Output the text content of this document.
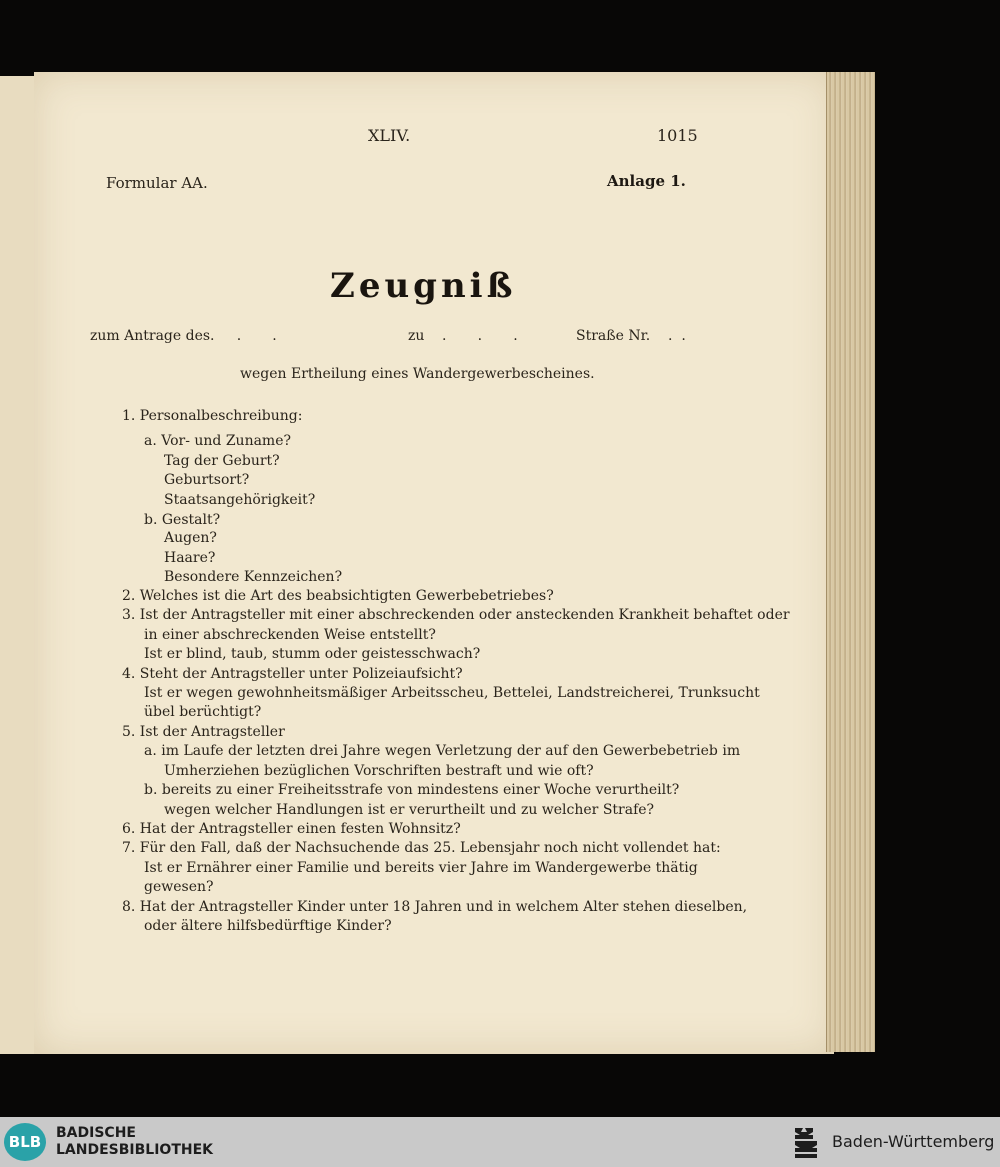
XLIV.	1015
Formular AA.	Anlage 1.
Zeugniß
zum Antrage des .     .       .	zu .       .       .	Straße Nr. .  .
wegen Ertheilung eines Wandergewerbescheines.
1. Personalbeschreibung:
a. Vor- und Zuname?
Tag der Geburt?
Geburtsort?
Staatsangehörigkeit?
b. Gestalt?
Augen?
Haare?
Besondere Kennzeichen?
2. Welches ist die Art des beabsichtigten Gewerbebetriebes?
3. Ist der Antragsteller mit einer abschreckenden oder ansteckenden Krankheit behaftet oder
in einer abschreckenden Weise entstellt?
Ist er blind, taub, stumm oder geistesschwach?
4. Steht der Antragsteller unter Polizeiaufsicht?
Ist er wegen gewohnheitsmäßiger Arbeitsscheu, Bettelei, Landstreicherei, Trunksucht
übel berüchtigt?
5. Ist der Antragsteller
a. im Laufe der letzten drei Jahre wegen Verletzung der auf den Gewerbebetrieb im
Umherziehen bezüglichen Vorschriften bestraft und wie oft?
b. bereits zu einer Freiheitsstrafe von mindestens einer Woche verurtheilt?
wegen welcher Handlungen ist er verurtheilt und zu welcher Strafe?
6. Hat der Antragsteller einen festen Wohnsitz?
7. Für den Fall, daß der Nachsuchende das 25. Lebensjahr noch nicht vollendet hat:
Ist er Ernährer einer Familie und bereits vier Jahre im Wandergewerbe thätig
gewesen?
8. Hat der Antragsteller Kinder unter 18 Jahren und in welchem Alter stehen dieselben,
oder ältere hilfsbedürftige Kinder?
BLB	BADISCHE
LANDESBIBLIOTHEK	Baden-Württemberg
